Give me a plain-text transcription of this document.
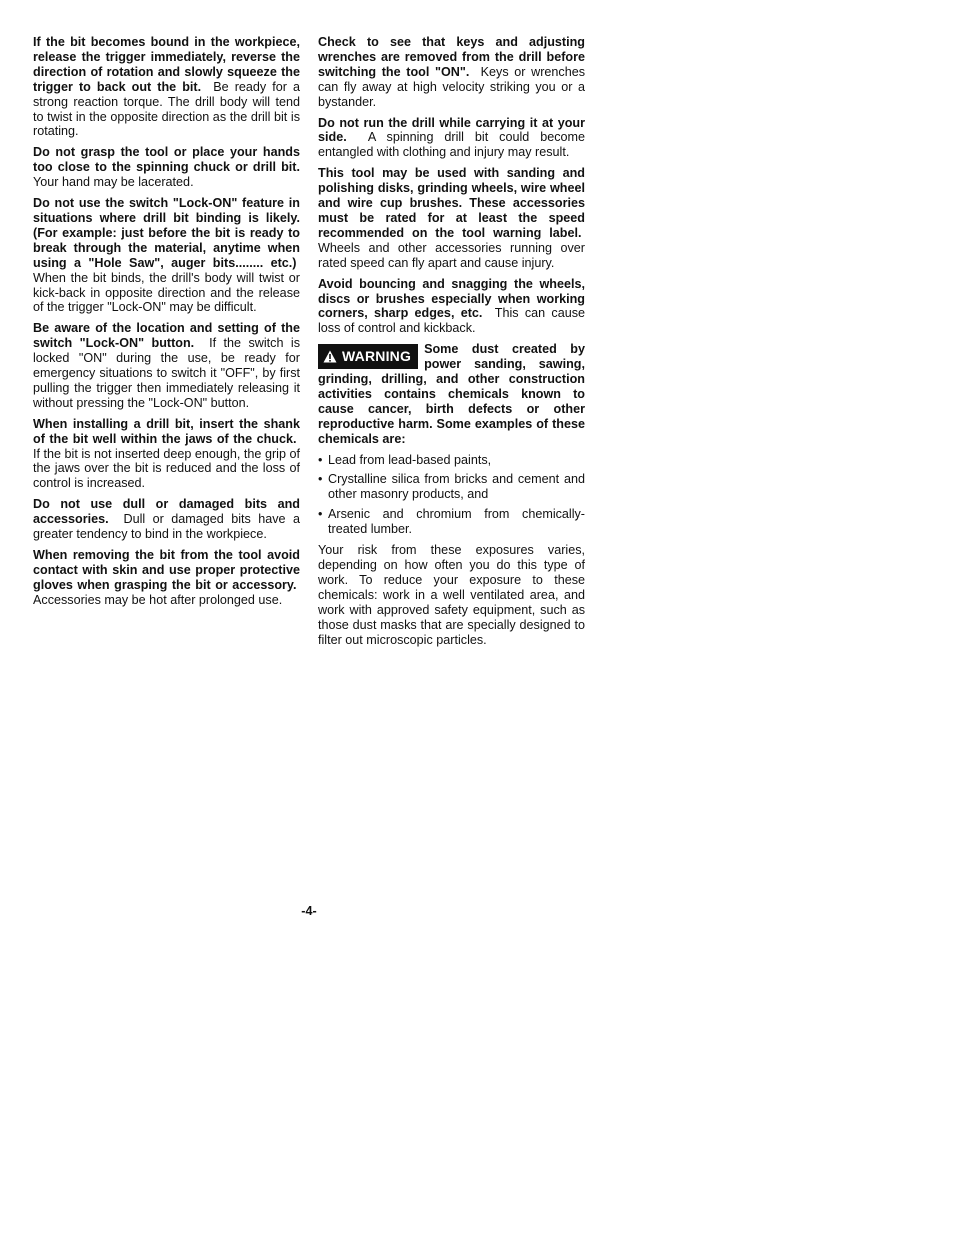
If the bit becomes bound in the workpiece, release the trigger immediately, reverse the direction of rotation and slowly squeeze the trigger to back out the bit. Be ready for a strong reaction torque. The drill body will tend to twist in the opposite direction as the drill bit is rotating.

Do not grasp the tool or place your hands too close to the spinning chuck or drill bit. Your hand may be lacerated.

Do not use the switch "Lock-ON" feature in situations where drill bit binding is likely. (For example: just before the bit is ready to break through the material, anytime when using a "Hole Saw", auger bits........ etc.)  When the bit binds, the drill's body will twist or kick-back in opposite direction and the release of the trigger "Lock-ON" may be difficult.

Be aware of the location and setting of the switch "Lock-ON" button. If the switch is locked "ON" during the use, be ready for emergency situations to switch it "OFF", by first pulling the trigger then immediately releasing it without pressing the "Lock-ON" button.

When installing a drill bit, insert the shank of the bit well within the jaws of the chuck.  If the bit is not inserted deep enough, the grip of the jaws over the bit is reduced and the loss of control is increased.

Do not use dull or damaged bits and accessories. Dull or damaged bits have a greater tendency to bind in the workpiece.

When removing the bit from the tool avoid contact with skin and use proper protective gloves when grasping the bit or accessory.  Accessories may be hot after prolonged use.

Check to see that keys and adjusting wrenches are removed from the drill before switching the tool "ON". Keys or wrenches can fly away at high velocity striking you or a bystander.

Do not run the drill while carrying it at your side. A spinning drill bit could become entangled with clothing and injury may result.

This tool may be used with sanding and polishing disks, grinding wheels, wire wheel and wire cup brushes. These accessories must be rated for at least the speed recommended on the tool warning label.  Wheels and other accessories running over rated speed can fly apart and cause injury.

Avoid bouncing and snagging the wheels, discs or brushes especially when working corners, sharp edges, etc. This can cause loss of control and kickback.

WARNING Some dust created by power sanding, sawing, grinding, drilling, and other construction activities contains chemicals known to cause cancer, birth defects or other reproductive harm. Some examples of these chemicals are:
• Lead from lead-based paints,
• Crystalline silica from bricks and cement and other masonry products, and
• Arsenic and chromium from chemically-treated lumber.

Your risk from these exposures varies, depending on how often you do this type of work. To reduce your exposure to these chemicals: work in a well ventilated area, and work with approved safety equipment, such as those dust masks that are specially designed to filter out microscopic particles.

-4-
